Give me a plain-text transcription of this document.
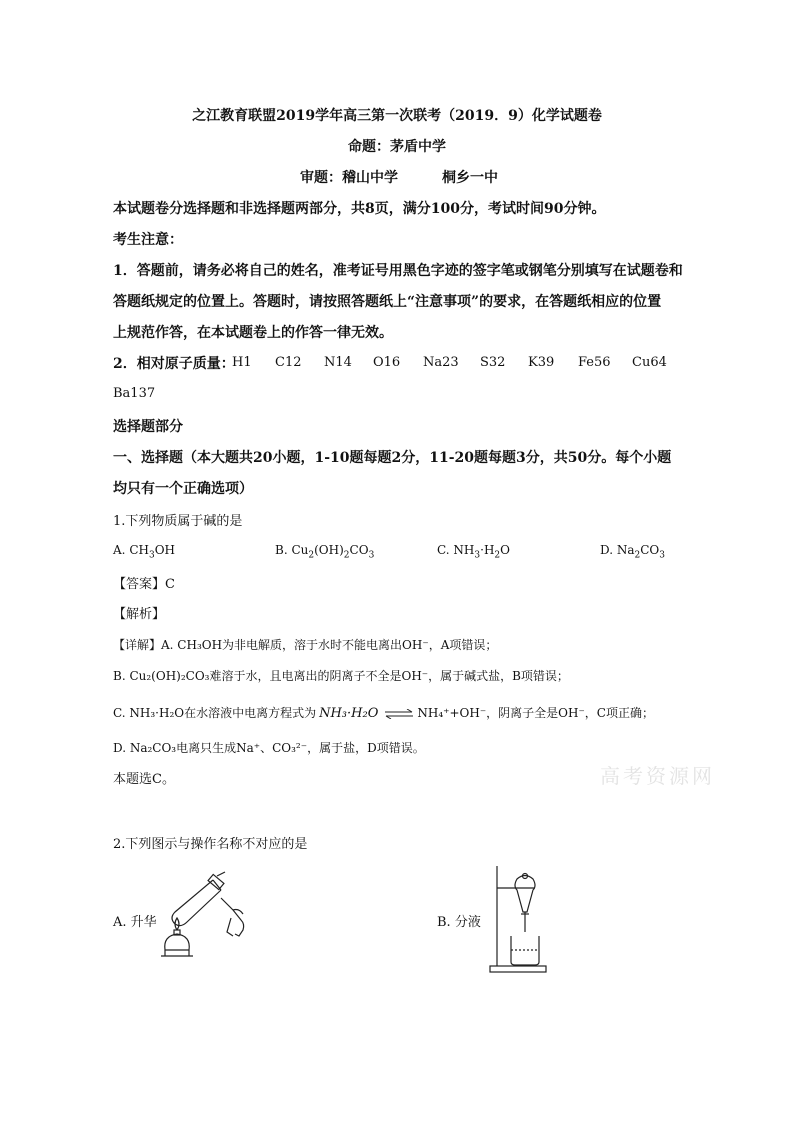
之江教育联盟2019学年高三第一次联考（2019．9）化学试题卷
命题：茅盾中学
审题：稽山中学	桐乡一中
本试题卷分选择题和非选择题两部分，共8页，满分100分，考试时间90分钟。
考生注意：
1．答题前，请务必将自己的姓名，准考证号用黑色字迹的签字笔或钢笔分别填写在试题卷和
答题纸规定的位置上。答题时，请按照答题纸上“注意事项”的要求，在答题纸相应的位置
上规范作答，在本试题卷上的作答一律无效。
2．相对原子质量：
H1 C12 N14 O16 Na23 S32 K39 Fe56 Cu64
Ba137
选择题部分
一、选择题（本大题共20小题，1-10题每题2分，11-20题每题3分，共50分。每个小题
均只有一个正确选项）
1.下列物质属于碱的是
A. $CH_3OH$	B. $Cu_2(OH)_2CO_3$	C. $NH_3\cdot H_2O$	D. $Na_2CO_3$
【答案】C
【解析】
【详解】A. CH₃OH为非电解质，溶于水时不能电离出OH⁻，A项错误；
B. Cu₂(OH)₂CO₃难溶于水，且电离出的阴离子不全是OH⁻，属于碱式盐，B项错误；
C. NH₃·H₂O在水溶液中电离方程式为 NH₃·H₂O ⇌ NH₄⁺+OH⁻，阴离子全是OH⁻，C项正确；
D. Na₂CO₃电离只生成Na⁺、CO₃²⁻，属于盐，D项错误。
本题选C。	高考资源网
2.下列图示与操作名称不对应的是
A. 升华	B. 分液
